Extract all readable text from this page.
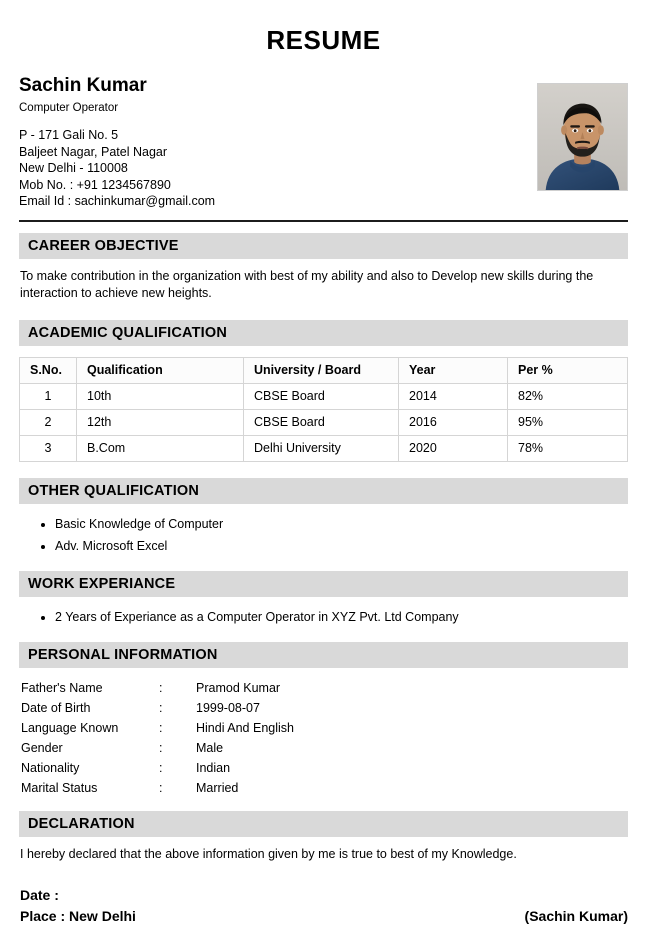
RESUME
Sachin Kumar
Computer Operator
P - 171 Gali No. 5
Baljeet Nagar, Patel Nagar
New Delhi - 110008
Mob No. : +91 1234567890
Email Id : sachinkumar@gmail.com
CAREER OBJECTIVE
To make contribution in the organization with best of my ability and also to Develop new skills during the interaction to achieve new heights.
ACADEMIC QUALIFICATION
S.No.	Qualification	University / Board	Year	Per %
1	10th	CBSE Board	2014	82%
2	12th	CBSE Board	2016	95%
3	B.Com	Delhi University	2020	78%
OTHER QUALIFICATION
• Basic Knowledge of Computer
• Adv. Microsoft Excel
WORK EXPERIANCE
• 2 Years of Experiance as a Computer Operator in XYZ Pvt. Ltd Company
PERSONAL INFORMATION
Father's Name	:	Pramod Kumar
Date of Birth	:	1999-08-07
Language Known	:	Hindi And English
Gender	:	Male
Nationality	:	Indian
Marital Status	:	Married
DECLARATION
I hereby declared that the above information given by me is true to best of my Knowledge.
Date :
Place : New Delhi	(Sachin Kumar)
